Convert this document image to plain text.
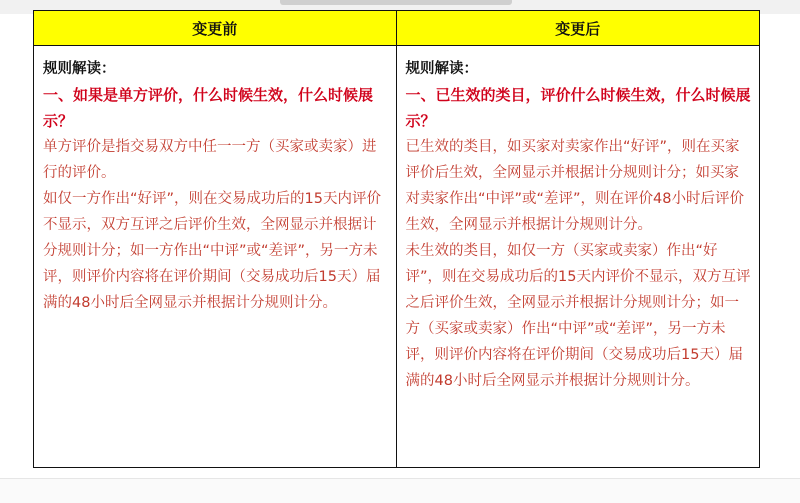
变更前	变更后
规则解读：
一、如果是单方评价，什么时候生效，什么时候展示？
单方评价是指交易双方中任一一方（买家或卖家）进行的评价。
如仅一方作出“好评”，则在交易成功后的15天内评价不显示，双方互评之后评价生效，全网显示并根据计分规则计分；如一方作出“中评”或“差评”，另一方未评，则评价内容将在评价期间（交易成功后15天）届满的48小时后全网显示并根据计分规则计分。
规则解读：
一、已生效的类目，评价什么时候生效，什么时候展示？
已生效的类目，如买家对卖家作出“好评”，则在买家评价后生效，全网显示并根据计分规则计分；如买家对卖家作出“中评”或“差评”，则在评价48小时后评价生效，全网显示并根据计分规则计分。
未生效的类目，如仅一方（买家或卖家）作出“好评”，则在交易成功后的15天内评价不显示，双方互评之后评价生效，全网显示并根据计分规则计分；如一方（买家或卖家）作出“中评”或“差评”，另一方未评，则评价内容将在评价期间（交易成功后15天）届满的48小时后全网显示并根据计分规则计分。
